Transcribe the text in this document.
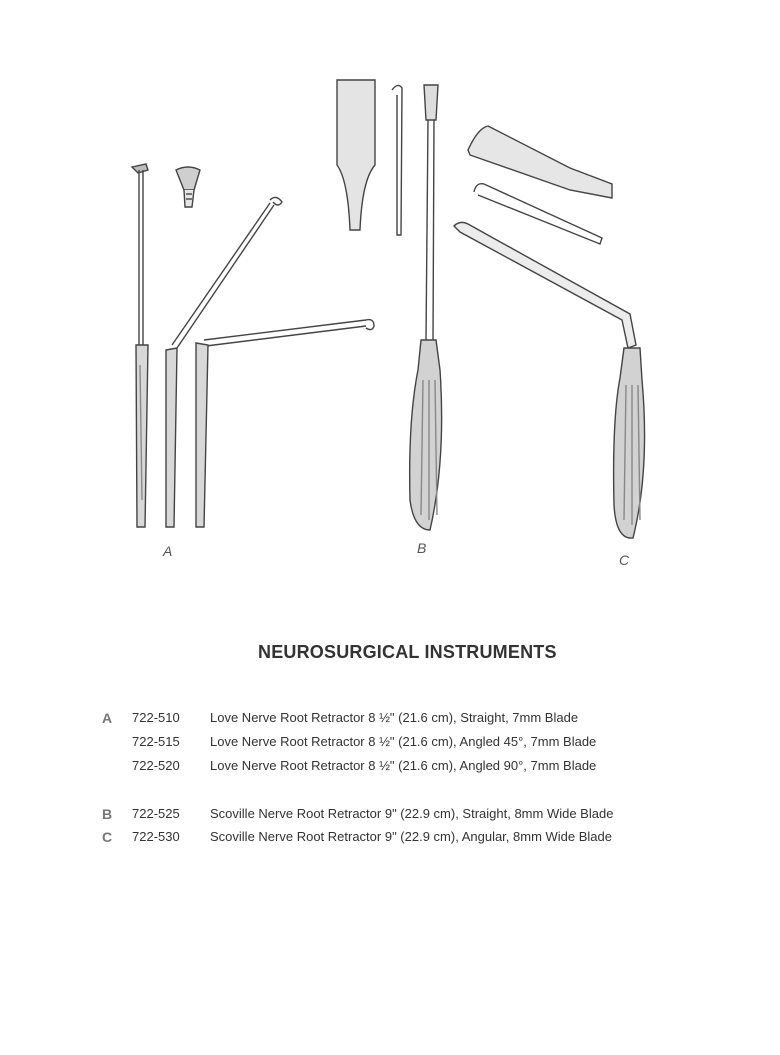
A	B
C
NEUROSURGICAL INSTRUMENTS
A	722-510 Love Nerve Root Retractor 8 ½" (21.6 cm), Straight, 7mm Blade
722-515 Love Nerve Root Retractor 8 ½" (21.6 cm), Angled 45°, 7mm Blade
722-520 Love Nerve Root Retractor 8 ½" (21.6 cm), Angled 90°, 7mm Blade
B	722-525 Scoville Nerve Root Retractor 9" (22.9 cm), Straight, 8mm Wide Blade
C	722-530 Scoville Nerve Root Retractor 9" (22.9 cm), Angular, 8mm Wide Blade
